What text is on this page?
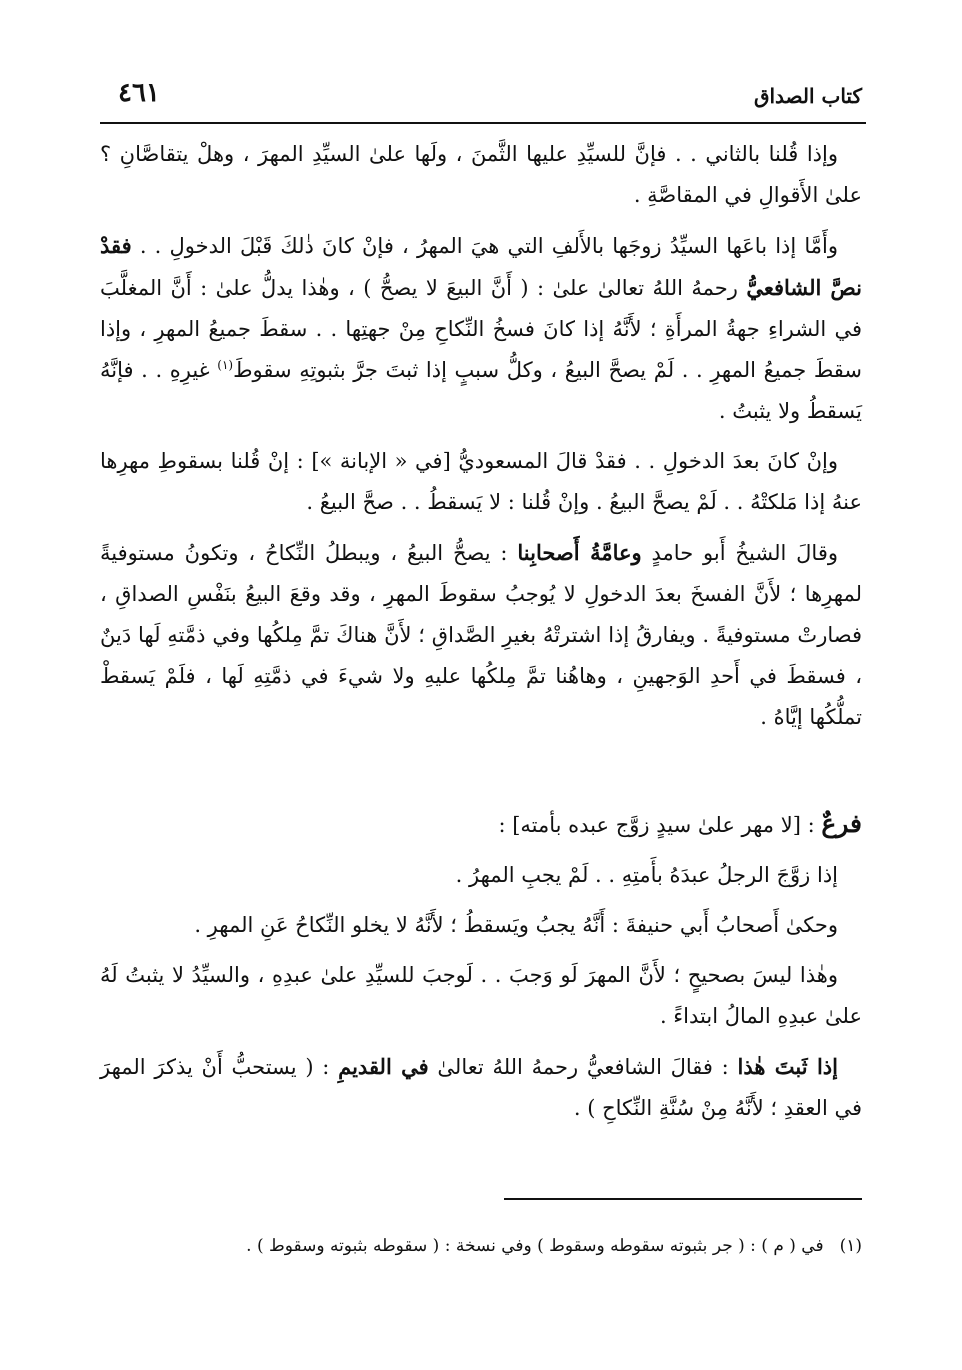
كتاب الصداق
٤٦١

وإذا قُلنا بالثاني . . فإنَّ للسيِّدِ عليها الثَّمنَ ، ولَها علىٰ السيِّدِ المهرَ ، وهلْ يتقاصَّانِ ؟ علىٰ الأَقوالِ في المقاصَّةِ .

وأَمَّا إذا باعَها السيِّدُ زوجَها بالأَلفِ التي هيَ المهرُ ، فإنْ كانَ ذٰلكَ قَبْلَ الدخولِ . . فقدْ نصَّ الشافعيُّ رحمهُ اللهُ تعالىٰ علىٰ : ( أَنَّ البيعَ لا يصحُّ ) ، وهٰذا يدلُّ علىٰ : أَنَّ المغلَّبَ في الشراءِ جهةُ المرأَةِ ؛ لأَنَّهُ إذا كانَ فسخُ النِّكاحِ مِنْ جهتِها . . سقطَ جميعُ المهرِ ، وإذا سقطَ جميعُ المهرِ . . لَمْ يصحَّ البيعُ ، وكلُّ سببٍ إذا ثبتَ جرَّ بثبوتِهِ سقوطَ$^{(١)}$ غيرِهِ . . فإنَّهُ يَسقطُ ولا يثبتُ .

وإنْ كانَ بعدَ الدخولِ . . فقدْ قالَ المسعوديُّ [في « الإبانة »] : إنْ قُلنا بسقوطِ مهرِها عنهُ إذا مَلكتْهُ . . لَمْ يصحَّ البيعُ . وإنْ قُلنا : لا يَسقطُ . . صحَّ البيعُ .

وقالَ الشيخُ أَبو حامدٍ وعامَّةُ أَصحابِنا : يصحُّ البيعُ ، ويبطلُ النِّكاحُ ، وتكونُ مستوفيةً لمهرِها ؛ لأَنَّ الفسخَ بعدَ الدخولِ لا يُوجبُ سقوطَ المهرِ ، وقد وقعَ البيعُ بنَفْسِ الصداقِ ، فصارتْ مستوفيةً . ويفارقُ إذا اشترتْهُ بغيرِ الصَّداقِ ؛ لأَنَّ هناكَ تمَّ مِلكُها وفي ذمَّتهِ لَها دَينٌ ، فسقطَ في أَحدِ الوَجهينِ ، وهاهُنا تمَّ مِلكُها عليهِ ولا شيءَ في ذمَّتِهِ لَها ، فلَمْ يَسقطْ تملُّكُها إيَّاهُ .

فرعٌ : [لا مهر علىٰ سيدٍ زوَّج عبده بأمته] :

إذا زوَّجَ الرجلُ عبدَهُ بأَمتِهِ . . لَمْ يجبِ المهرُ .

وحكىٰ أَصحابُ أَبي حنيفةَ : أَنَّهُ يجبُ ويَسقطُ ؛ لأَنَّهُ لا يخلو النِّكاحُ عَنِ المهرِ .

وهٰذا ليسَ بصحيحٍ ؛ لأَنَّ المهرَ لَو وَجبَ . . لَوجبَ للسيِّدِ علىٰ عبدِهِ ، والسيِّدُ لا يثبتُ لَهُ علىٰ عبدِهِ المالُ ابتداءً .

إذا ثَبتَ هٰذا : فقالَ الشافعيُّ رحمهُ اللهُ تعالىٰ في القديمِ : ( يستحبُّ أَنْ يذكرَ المهرَ في العقدِ ؛ لأَنَّهُ مِنْ سُنَّةِ النِّكاحِ ) .

(١)في ( م ) : ( جر بثبوته سقوطه وسقوط ) وفي نسخة : ( سقوطه بثبوته وسقوط ) .
